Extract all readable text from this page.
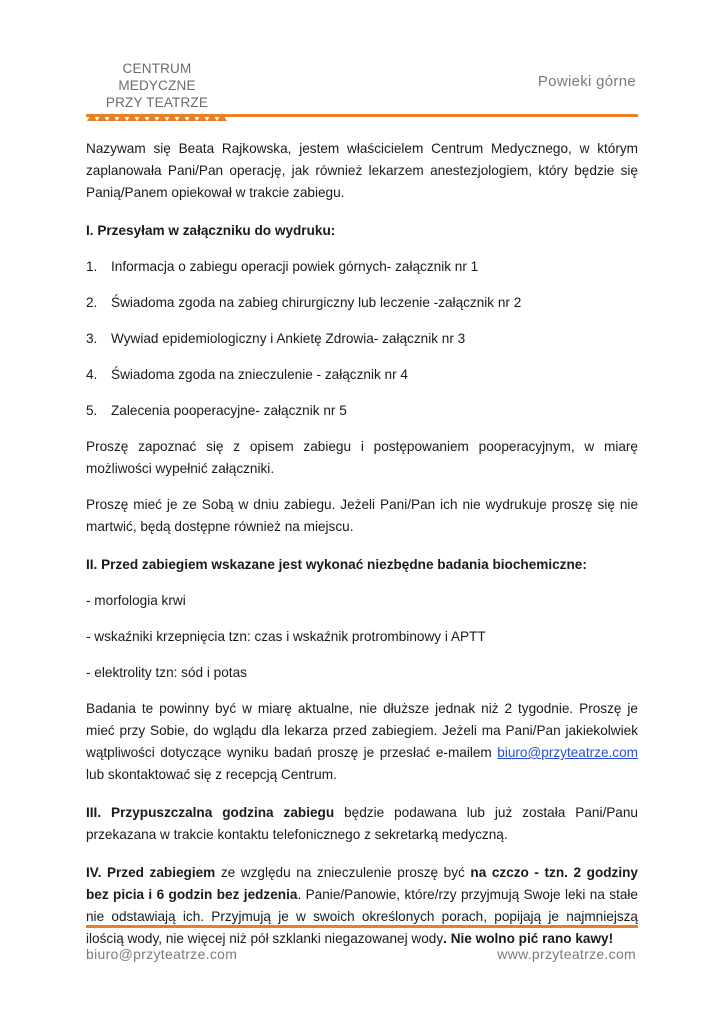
CENTRUM MEDYCZNE
PRZY TEATRZE
Powieki górne

Nazywam się Beata Rajkowska, jestem właścicielem Centrum Medycznego, w którym zaplanowała Pani/Pan operację, jak również lekarzem anestezjologiem, który będzie się Panią/Panem opiekował w trakcie zabiegu.

I. Przesyłam w załączniku do wydruku:

1.	Informacja o zabiegu operacji powiek górnych- załącznik nr 1
2.	Świadoma zgoda na zabieg chirurgiczny lub leczenie -załącznik nr 2
3.	Wywiad epidemiologiczny i Ankietę Zdrowia- załącznik nr 3
4.	Świadoma zgoda na znieczulenie - załącznik nr 4
5.	Zalecenia pooperacyjne- załącznik nr 5

Proszę zapoznać się z opisem zabiegu i postępowaniem pooperacyjnym, w miarę możliwości wypełnić załączniki.

Proszę mieć je ze Sobą w dniu zabiegu. Jeżeli Pani/Pan ich nie wydrukuje proszę się nie martwić, będą dostępne również na miejscu.

II. Przed zabiegiem wskazane jest wykonać niezbędne badania biochemiczne:

- morfologia krwi

- wskaźniki krzepnięcia tzn: czas i wskaźnik protrombinowy i APTT

- elektrolity tzn: sód i potas

Badania te powinny być w miarę aktualne, nie dłuższe jednak niż 2 tygodnie. Proszę je mieć przy Sobie, do wglądu dla lekarza przed zabiegiem. Jeżeli ma Pani/Pan jakiekolwiek wątpliwości dotyczące wyniku badań proszę je przesłać e-mailem biuro@przyteatrze.com lub skontaktować się z recepcją Centrum.

III. Przypuszczalna godzina zabiegu będzie podawana lub już została Pani/Panu przekazana w trakcie kontaktu telefonicznego z sekretarką medyczną.

IV. Przed zabiegiem ze względu na znieczulenie proszę być na czczo - tzn. 2 godziny bez picia i 6 godzin bez jedzenia. Panie/Panowie, które/rzy przyjmują Swoje leki na stałe nie odstawiają ich. Przyjmują je w swoich określonych porach, popijają je najmniejszą ilością wody, nie więcej niż pół szklanki niegazowanej wody. Nie wolno pić rano kawy!

biuro@przyteatrze.com	www.przyteatrze.com
